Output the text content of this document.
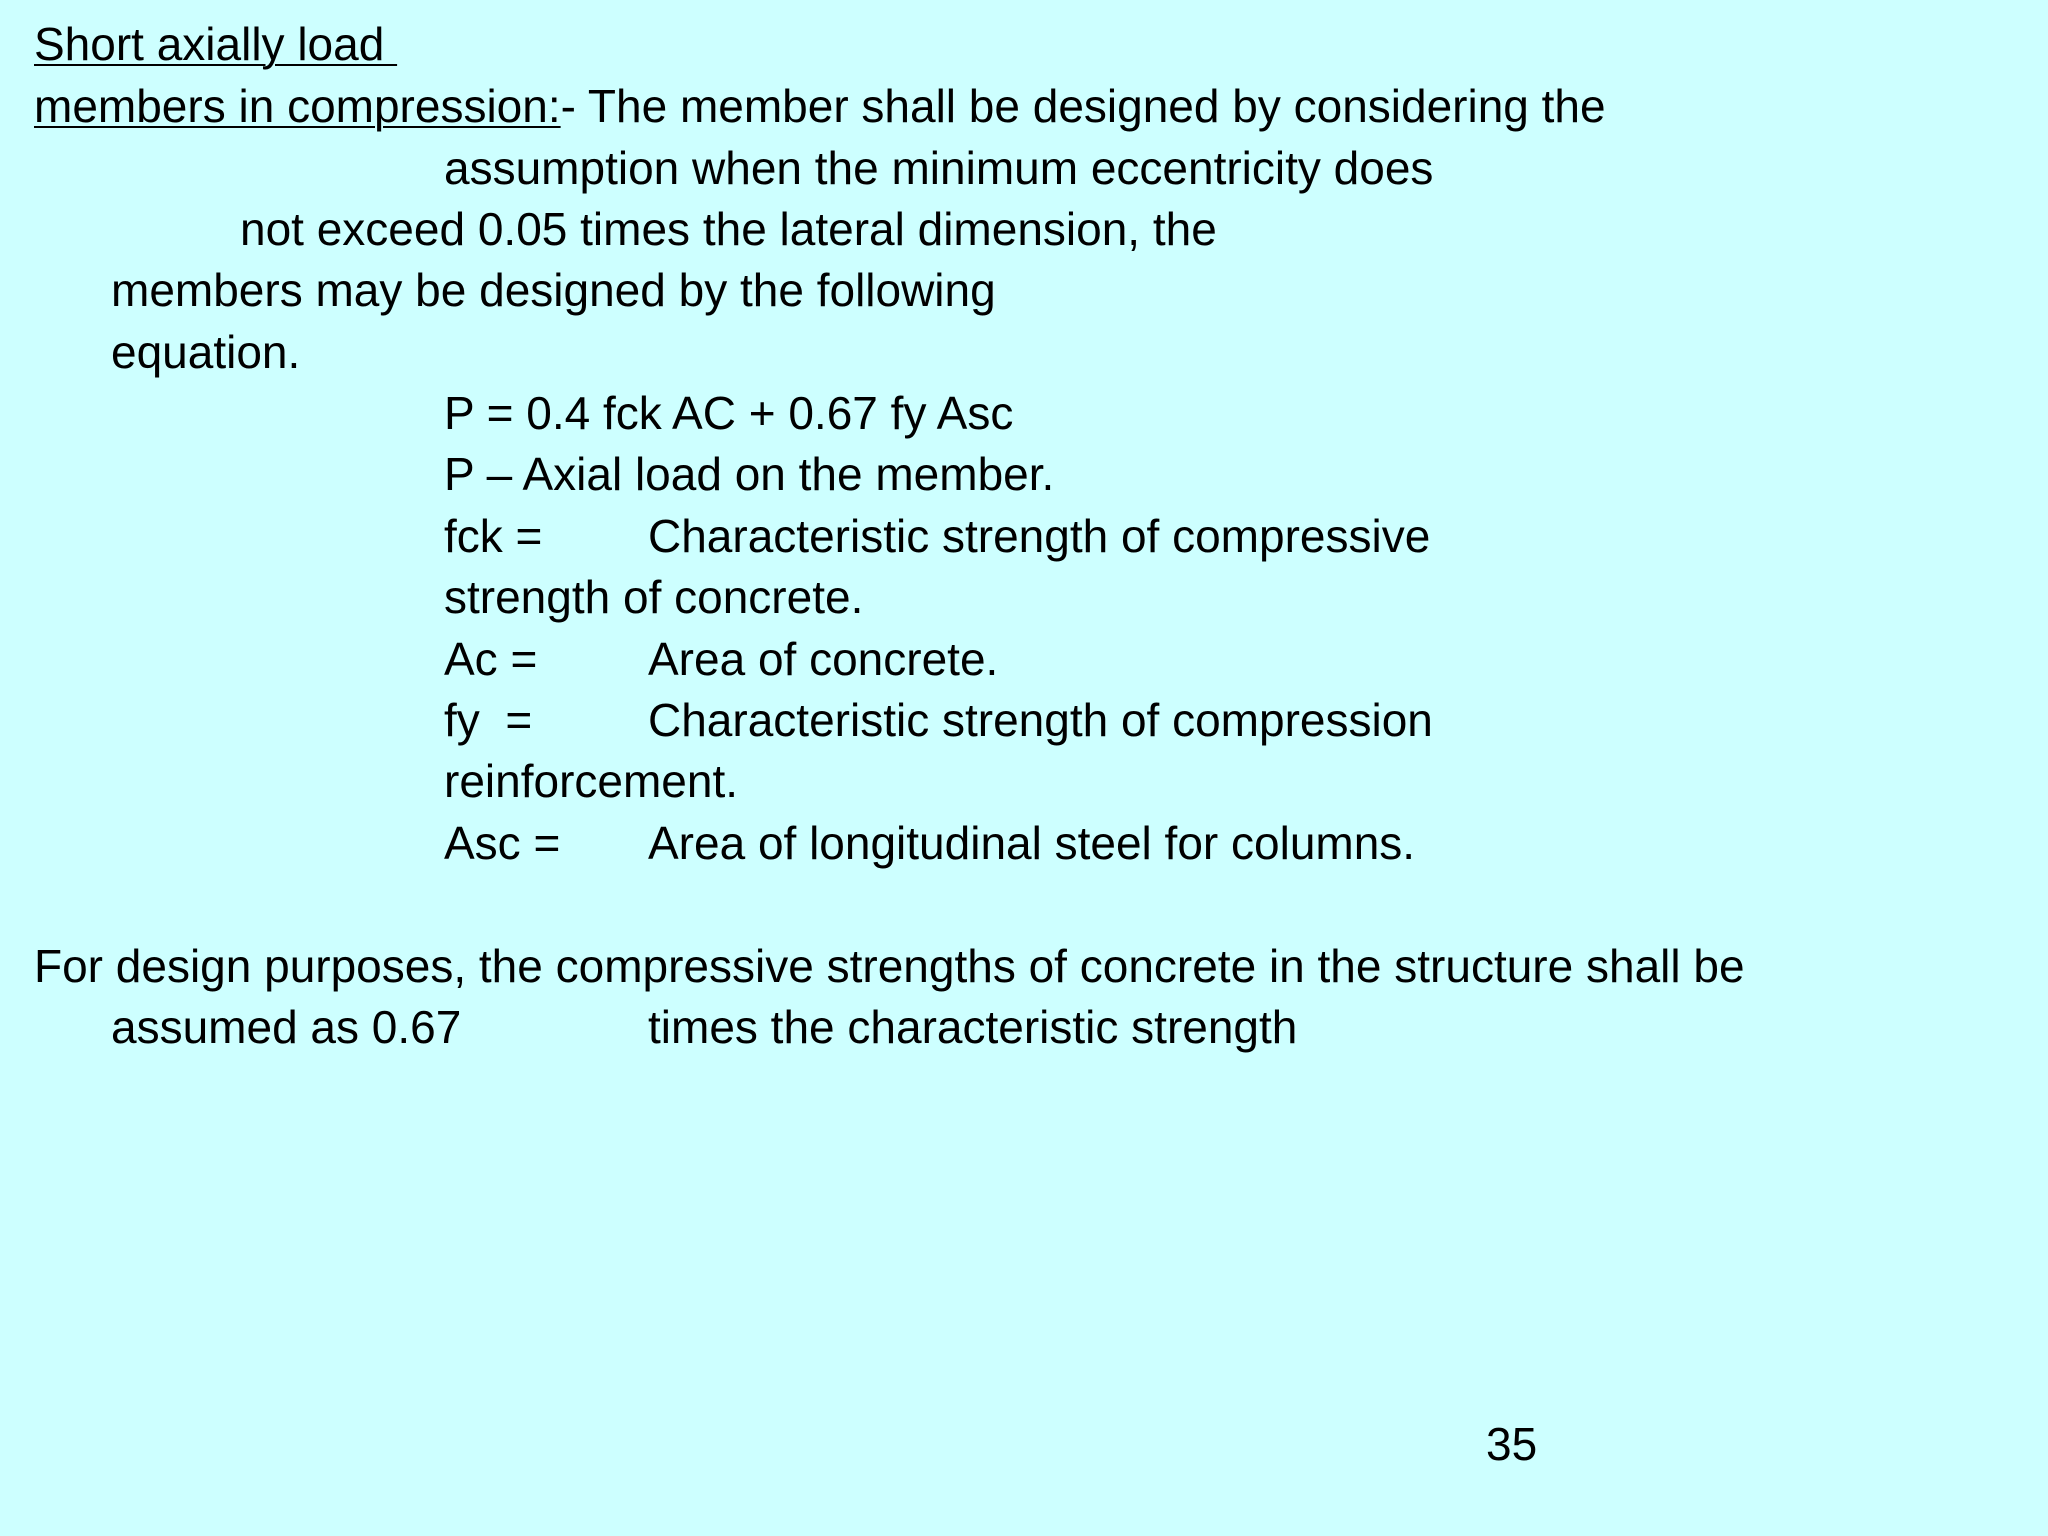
Short axially load
members in compression:- The member shall be designed by considering the
assumption when the minimum eccentricity does
not exceed 0.05 times the lateral dimension, the
members may be designed by the following
equation.
P = 0.4 fck AC + 0.67 fy Asc
P – Axial load on the member.
fck = Characteristic strength of compressive
strength of concrete.
Ac = Area of concrete.
fy  =	Characteristic strength of compression
reinforcement.
Asc = Area of longitudinal steel for columns.
For design purposes, the compressive strengths of concrete in the structure shall be
assumed as 0.67	times the characteristic strength
35
